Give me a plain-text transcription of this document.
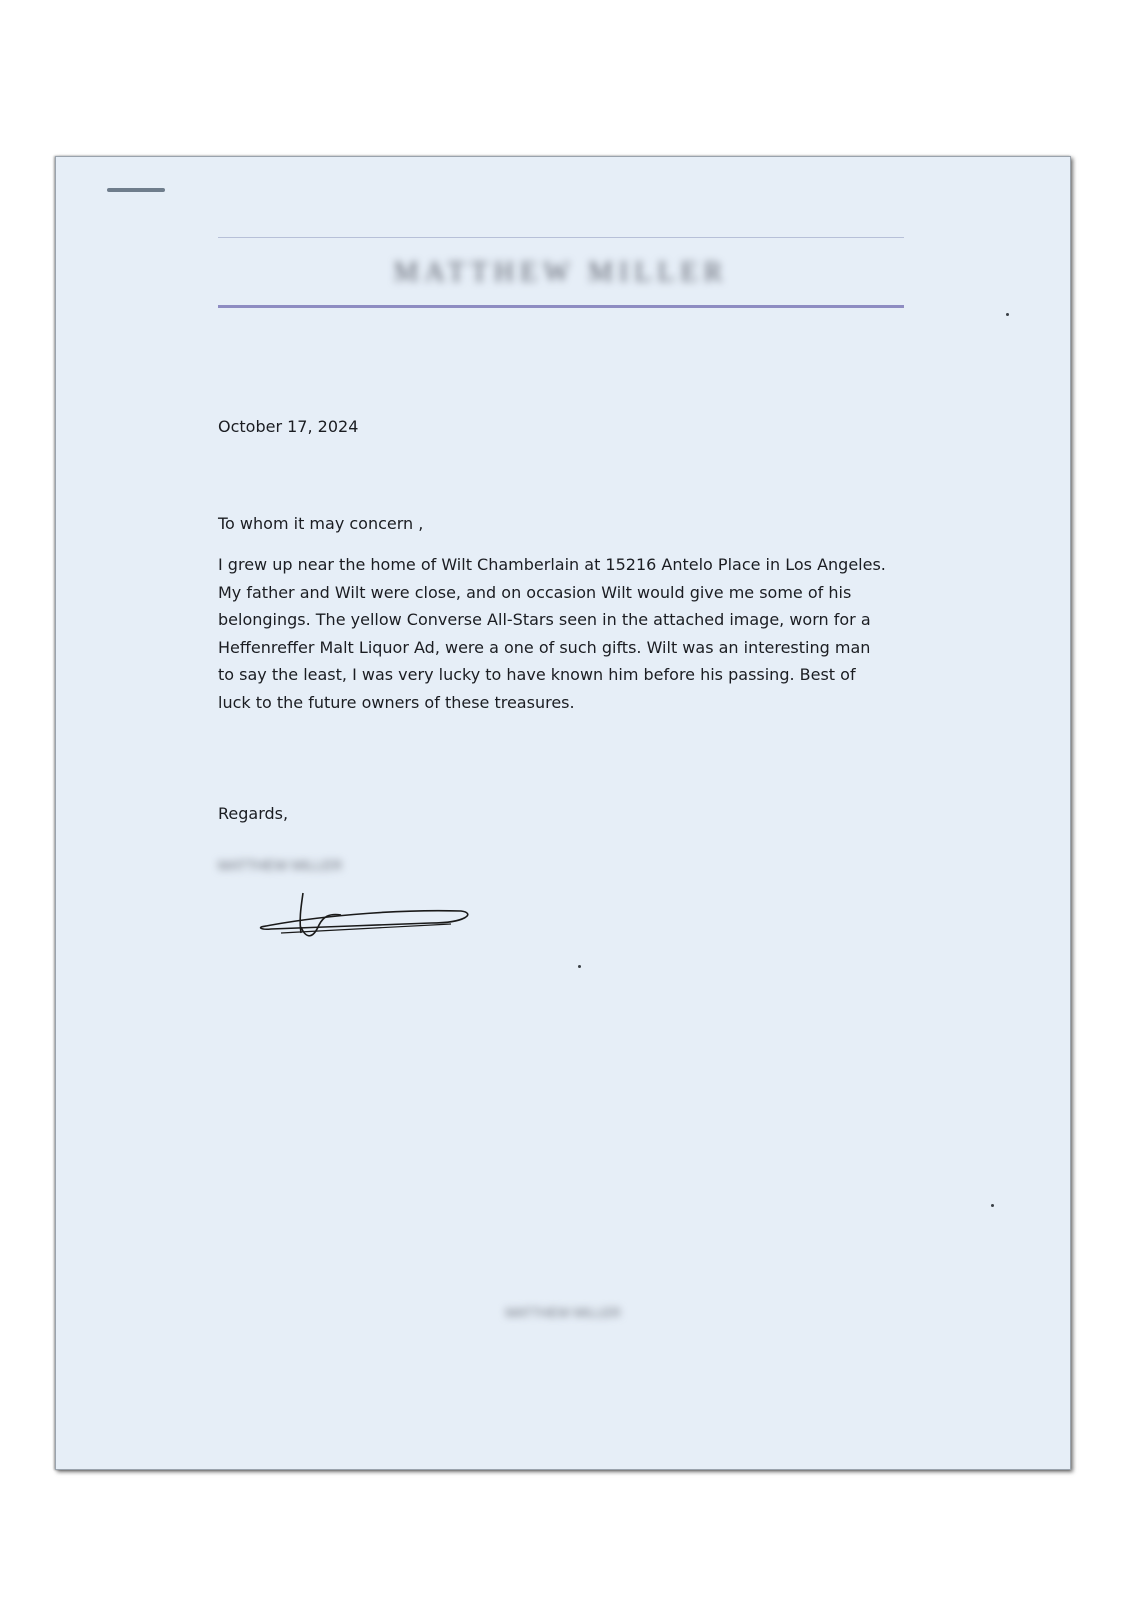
MATTHEW MILLER
October 17, 2024
To whom it may concern ,

I grew up near the home of Wilt Chamberlain at 15216 Antelo Place in Los Angeles. My father and Wilt were close, and on occasion Wilt would give me some of his belongings. The yellow Converse All-Stars seen in the attached image, worn for a Heffenreffer Malt Liquor Ad, were a one of such gifts. Wilt was an interesting man to say the least, I was very lucky to have known him before his passing. Best of luck to the future owners of these treasures.

Regards,
MATTHEW MILLER
MATTHEW MILLER
